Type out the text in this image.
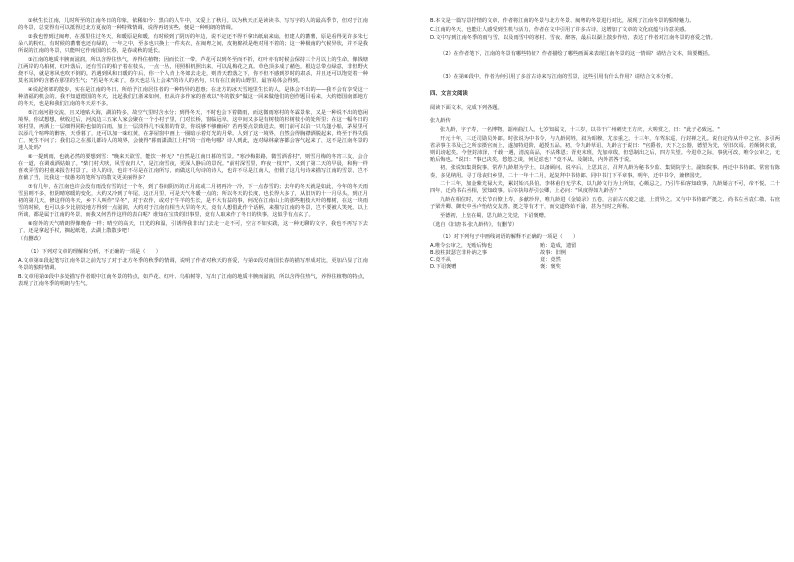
①秋生长江南，儿时所至的江南冬日的印象，依稀如今：黑白的人牛中，又爱上了秋月。以为秋天正是读读书、写写字的人的最高季节，但对于江南的冬景，总觉得有可以抵得过北方夏夜的一种特殊情调，说得再切实些，便是一种明朗的情调。

②我也曾到过闽粤，在那里住过冬天，和暖原是和暖，有时候到了阴历的年边，说不定还不得不拿出纸扇来扇，但建人的蕃薯，原是看得见许多朱七朵八的粉红，有时候的蕃薯也还有绿的，一年之中，至多也只换上一件夹衣，在闽粤之间，皮袍棉袄是绝对用不着的；这一种极南的气候异状，并不是我所说的江南的冬景，只能叫它作南国的长春，是春或秋的延长。

③江南的地质丰腴而滋润，所以含得住热气，养得住植物；因而长江一带，芦花可以到冬至而不折，红叶亦有时候会保持三个月以上的生命。像钱塘江两岸的乌桕树，红叶落后，还有雪白的桕子着在枝头，一点一丛，用照相机照出来，可以乱梅花之真。草色顶多成了赭色，根边总带点绿意，非但野火烧不尽，就是寒风也吹不倒的。若遇到风和日暖的午后，你一个人肯上冬郊去走走，则青天碧落之下，你不但不感到岁时的肃杀，并且还可以饱觉着一种莫名其妙的含蓄在那里的生气；"若是冬天来了，春天也总马上会来"的诗人的名句，只有在江南的山野里，最容易体会得到。

④说起寒郊的散步，实在是江南的冬日，所给予江南居住者的一种特异的恩惠；在北方的冰天雪地里生长的人，是体会不出的——我不会有享受这一种清福的机会的。我不知道德国的冬天，比起我们江浙来如何，但从许多作家的喜欢以"冬的散步"做这一回来做他们的创作题目看来，大约德国南部地方的冬天，也是和我们江南的冬天差不多。

⑤江南河港交流，且又地贴大海，湖泊特多，故空气里时含水分；到得冬天，不时也会下着微雨，而这微雨寒村的冬霖景象，又是一种说不出的悠闲境界。你试想想，秋收过后，河流边三五家人家会聚在一个小村子里，门对长桥，窗临远阜，这中间又多是有树枝的杉树枝小的处所里；在这一幅冬日的寒村里，再洒上一层细得同粉也似的白雨，加上一层淡得几不成墨的背景，你说够不够幽闲？若再要点景致进去，则门前可以泊一只乌篷小船，茅屋里可以添几个喧哗的醉客，天垂暮了，还可以加一味红黄，在茅屋窗中画上一圈暗示着灯光的月晕。人到了这一境界，自然会得胸襟洒脱起来，终至于得失俱亡，死生不问了；我们总之在那儿都诗人的境界，会使得"暮雨潇潇江上村"的一首绝句哪？诗人到此，连对绿林豪客都会客气起来了，这不是江南冬景的迷人处吗？

⑥一提到雨，也就必然的要想到雪："晚来天欲雪，能饮一杯无？"自然是江南日暮的雪景。"寒沙梅影路，微雪酒香村"，则雪月梅的冬宵三友，会合在一道，在调戏酒姑娘了。"柴门村犬吠，风雪夜归人"，是江南雪夜，更深人静后的景况。"前村深雪里，昨夜一枝开"，又到了第二天的早晨，和狗一样喜欢弄雪的村童来报告村景了。诗人的诗，也许不尽是在江南所写，而做这几句诗的诗人，也许不尽是江南人，但假了这几句诗来描写江南的雪景，岂不直截了当，比我这一枝愚劣的笔所写的散文更美丽得多？

⑦有几年，在江南也许会没有雨没有雪的过一个冬，到了春间阴历的正月底或二月初再冷一冷，下一点春雪的；去年的冬天就是如此，今年的冬天雨雪虽则不多，但阴晴寒暖的变化，大约又冷到了年尾，这正月里，可是天气冬暖一点的；所以冬天的长度，也长得大多了，从旧历的十一月尽头，到正月初的第几天，修这样的冬天，乡下人叫作"旱冬"，对于农作，或对于牛羊的生长，是不大有益的事，何况在江南山上的那些粗枝大叶的橡树，在这一块雨雪的时候，也可以多少比别处地方得到一点滋润，大约对于江南有相当大旱的冬天，竟有人想借此作个话柄，来描写江南的冬景，岂不要被人笑死。以上所谈，都是属于江南的冬景，而我又何苦作这样的表白呢？谁知在宝贵的旧事里，竟有人取来作了冬日的快事，这似乎有点玄了。

⑧窗外的天气晴朗得像晚春一样；晴空的高天，日光的和温，引诱得我非出门去走一走不可，空言不如实践，这一种无聊的文字，我也不再写下去了，还是拿起手杖，搁起纸笔，去湖上散散步吧！

（有删改）

（1）下列对文章的理解和分析，不正确的一项是（　　）

A.文章第①段起笔写江南冬景之前先写了对于北方冬季的秋季的情调，说明了作者对秋天的喜爱，与第②段对南国长春的描写形成对比，更加凸显了江南冬景的独特情调。

B.文章用第③段中多处描写作者眼中江南冬景的特点，如芦花、红叶、乌桕树等，写出了江南的地质丰腴而滋润，所以含得住热气，养得住植物的特点，表现了江南冬季的明朗与生气。

B.本文是一篇写景抒情的文章，作者将江南的冬景与北方冬景、闽粤的冬景进行对比，展现了江南冬景的独特魅力。

C.江南的冬天，也能让人感受到生机与活力，作者在文中引用了许多古诗，这增加了文章的文化底蕴与诗意美感。

D.文中写到江南冬季的雨与雪，以及雨雪中的寒村、雪夜、醉客，最后以湖上散步作结，表达了作者对江南冬景的喜爱之情。

（2）在作者笔下，江南的冬景有哪些特征？作者描绘了哪些画面来表现江南冬景的这一情调？请结合文本，简要概括。

（3）在第⑥段中，作者为何引用了多首古诗来写江南的雪景，这些引用有什么作用？请结合文本分析。

四、文言文阅读

阅读下面文本，完成下列各题。

张九龄传

张九龄，字子寿，一名博物，韶州曲江人。七岁知属文，十三岁，以书干广州刺史王方庆，大嗟赏之，曰："此子必致远。"

开元十年，三迁司勋员外郎。时张说为中书令，与九龄同姓，叙为昭穆，尤亲重之。十三年，车驾东巡，行封禅之礼。说自定侍从升中之官，多引两省录事主书及己之所亲摄官而上，遂加特进阶，超授五品。初，令九龄草诏，九龄言于说曰："官爵者，天下之公器，德望为先，劳旧次焉。若颠倒衣裳，则讥谤起矣。今登封沛泽，千载一遇，清流高品，不沾殊恩；胥吏末班，先加章绂，但恐制出之后，四方失望。今进草之际，事犹可改，唯令公审之，无贻后悔也。"说曰："事已决矣，悠悠之谈，何足虑也！"竟不从。及制出，内外甚咎于说。

初，张说知集贤院事，常荐九龄堪为学士，以备顾问。说卒后，上思其言，召拜九龄为秘书少监、集贤院学士，副知院事。再迁中书侍郎。常密有陈奏，多见纳用。寻丁母丧归乡里，二十一年十二月，起复拜中书侍郎、同中书门下平章事。明年，迁中书令，兼修国史。

二十三年，加金紫光禄大夫，累封始兴县伯。李林甫自无学术，以九龄文行为上所知，心颇忌之。乃引牛仙客知政事，九龄屡言不可，帝不悦。二十四年，迁尚书右丞相，罢知政事。后宰执每荐引公卿，上必问："风度得如九龄否？"

九龄在相位时，天长节百僚上寿，多献珍异，唯九龄进《金镜录》五卷，言前古兴废之道，上赏异之。又与中书侍郎严挺之、尚书左丞袁仁敬、右庶子梁升卿、御史中丞卢怡结交友善。挺之等有才干，而交道终始不渝，甚为当时之所称。

至德初，上皇在蜀，思九龄之先觉，下诏褒赠。

（选自《旧唐书·张九龄传》，有删节）

（1）对下列句子中画线词语的解释不正确的一项是（　　）

A.唯令公审之，无贻后悔也	贻：造成，遗留
B.胶柱鼓瑟岂非朴讷之事	故事：旧例
C.竟不从	竟：竟然
D.下诏褒赠	褒：褒奖
